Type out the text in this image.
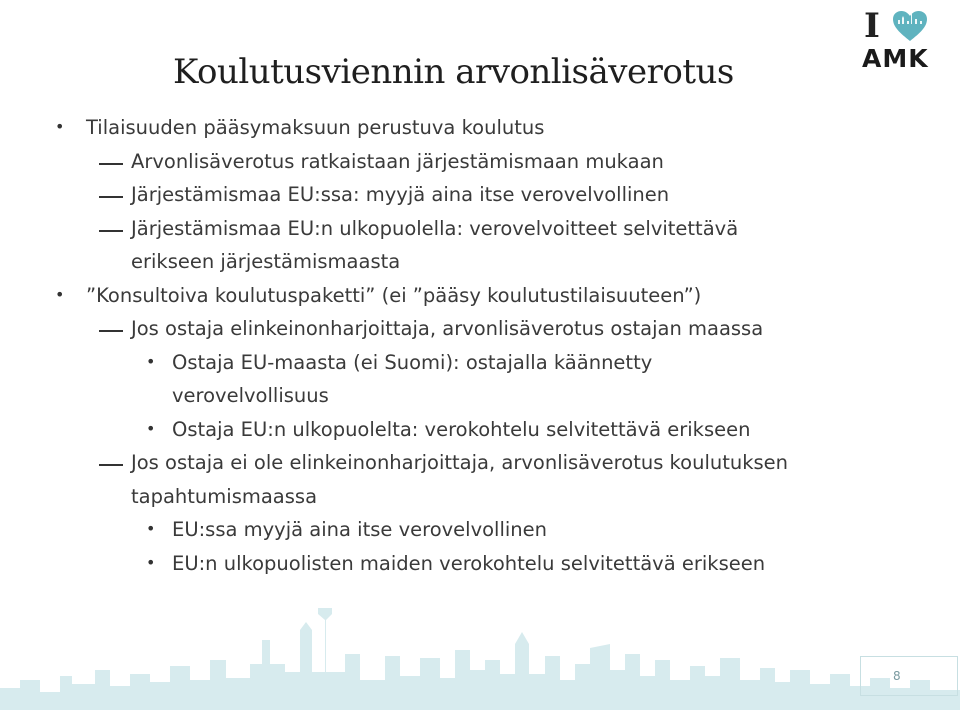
Koulutusviennin arvonlisäverotus
I
AMK
• Tilaisuuden pääsymaksuun perustuva koulutus
Arvonlisäverotus ratkaistaan järjestämismaan mukaan
Järjestämismaa EU:ssa: myyjä aina itse verovelvollinen
Järjestämismaa EU:n ulkopuolella: verovelvoitteet selvitettävä
erikseen järjestämismaasta
• ”Konsultoiva koulutuspaketti” (ei ”pääsy koulutustilaisuuteen”)
Jos ostaja elinkeinonharjoittaja, arvonlisäverotus ostajan maassa
• Ostaja EU-maasta (ei Suomi): ostajalla käännetty
verovelvollisuus
• Ostaja EU:n ulkopuolelta: verokohtelu selvitettävä erikseen
Jos ostaja ei ole elinkeinonharjoittaja, arvonlisäverotus koulutuksen
tapahtumismaassa
• EU:ssa myyjä aina itse verovelvollinen
• EU:n ulkopuolisten maiden verokohtelu selvitettävä erikseen
8
